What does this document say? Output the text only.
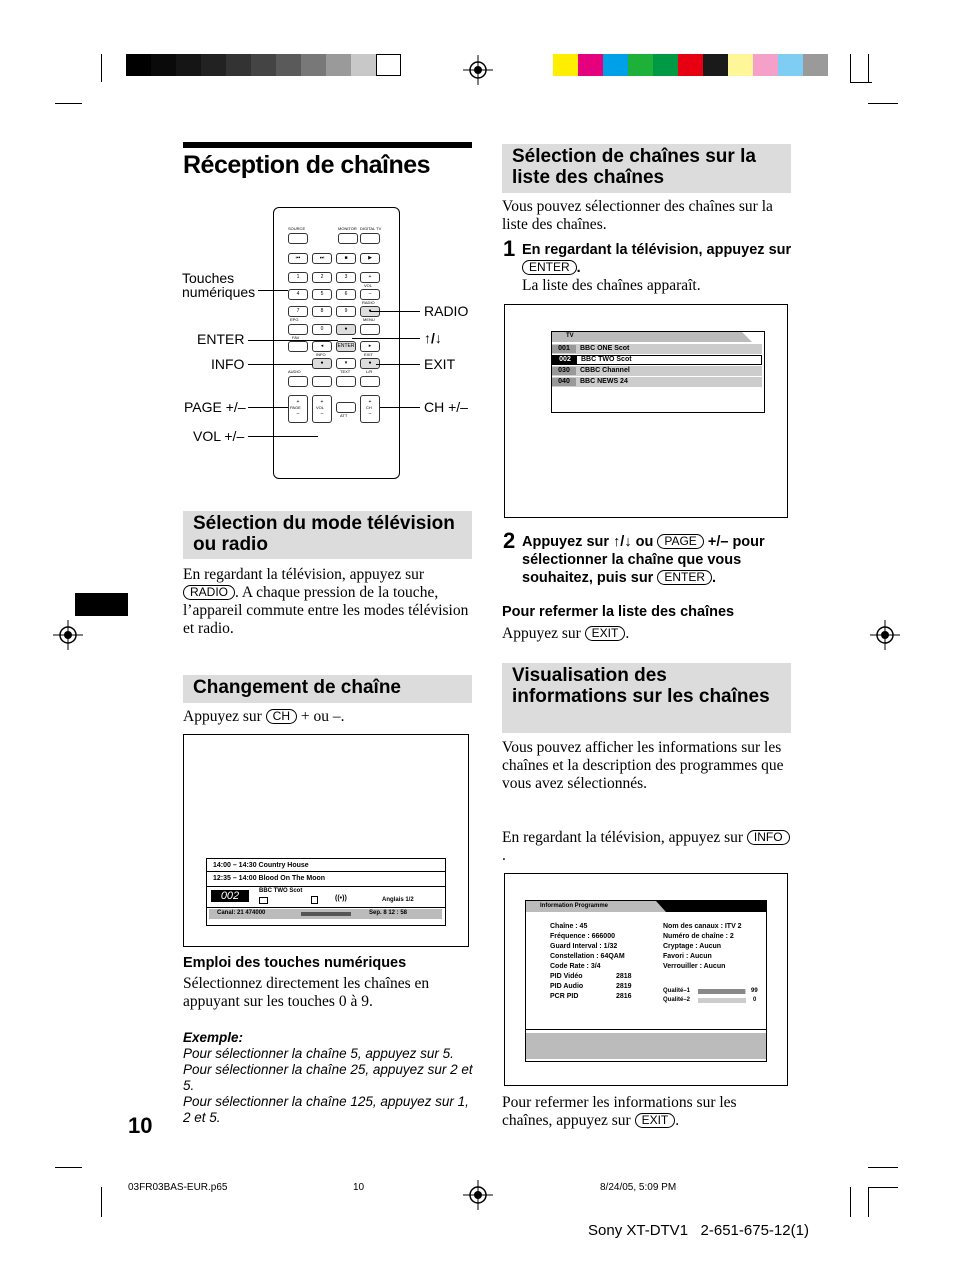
Réception de chaînes
SOURCE	MONITOR DIGITAL TV
⏮	⏭	■	▶
1	2	3	+
VOL
4	5	6	–
RADIO
7	8	9
EPG	MENU
0	●
FAV
◂	ENTER	▸
INFO	EXIT
●	▾	●
AUDIO	TEXT	L/R
+
–
+
–
+
–
PAGE	VOL
ATT
CH
Touches numériques
ENTER
INFO
PAGE +/–
VOL +/–
RADIO
↑/↓
EXIT
CH +/–
Sélection du mode télévision ou radio
En regardant la télévision, appuyez sur RADIO . A chaque pression de la touche, l’appareil commute entre les modes télévision et radio.
Changement de chaîne
Appuyez sur CH + ou –.
14:00 – 14:30 Country House
12:35 – 14:00 Blood On The Moon
002	BBC TWO Scot
((•))	Anglais 1/2
Canal: 21 474000	Sep. 8 12 : 58
Emploi des touches numériques
Sélectionnez directement les chaînes en appuyant sur les touches 0 à 9.
Exemple:
Pour sélectionner la chaîne 5, appuyez sur 5.
Pour sélectionner la chaîne 25, appuyez sur 2 et 5.
Pour sélectionner la chaîne 125, appuyez sur 1, 2 et 5.
Sélection de chaînes sur la liste des chaînes
Vous pouvez sélectionner des chaînes sur la liste des chaînes.
1 En regardant la télévision, appuyez sur ENTER .
La liste des chaînes apparaît.
TV
001	BBC ONE Scot
002	BBC TWO Scot
030	CBBC Channel
040	BBC NEWS 24
2 Appuyez sur ↑/↓ ou PAGE +/– pour sélectionner la chaîne que vous souhaitez, puis sur ENTER .
Pour refermer la liste des chaînes
Appuyez sur EXIT .
Visualisation des informations sur les chaînes
Vous pouvez afficher les informations sur les chaînes et la description des programmes que vous avez sélectionnés.
En regardant la télévision, appuyez sur INFO.
Information Programme
Chaîne : 45
Fréquence : 666000
Guard Interval : 1/32
Constellation : 64QAM
Code Rate : 3/4
PID Vidéo	2818
PID Audio	2819
PCR PID	2816
Nom des canaux : ITV 2
Numéro de chaîne : 2
Cryptage : Aucun
Favori : Aucun
Verrouiller : Aucun
Qualité–1	99
Qualité–2	0
Pour refermer les informations sur les chaînes, appuyez sur EXIT .
10
03FR03BAS-EUR.p65	10	8/24/05, 5:09 PM
Sony XT-DTV1   2-651-675-12(1)
